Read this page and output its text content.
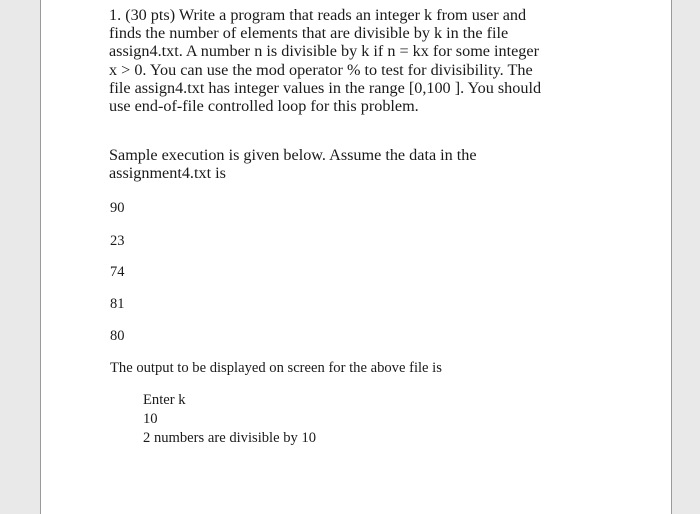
1. (30 pts) Write a program that reads an integer k from user and
finds the number of elements that are divisible by k in the file
assign4.txt. A number n is divisible by k if n = kx for some integer
x > 0. You can use the mod operator % to test for divisibility. The
file assign4.txt has integer values in the range [0,100 ]. You should
use end-of-file controlled loop for this problem.
Sample execution is given below. Assume the data in the
assignment4.txt is
90
23
74
81
80
The output to be displayed on screen for the above file is
Enter k
10
2 numbers are divisible by 10
